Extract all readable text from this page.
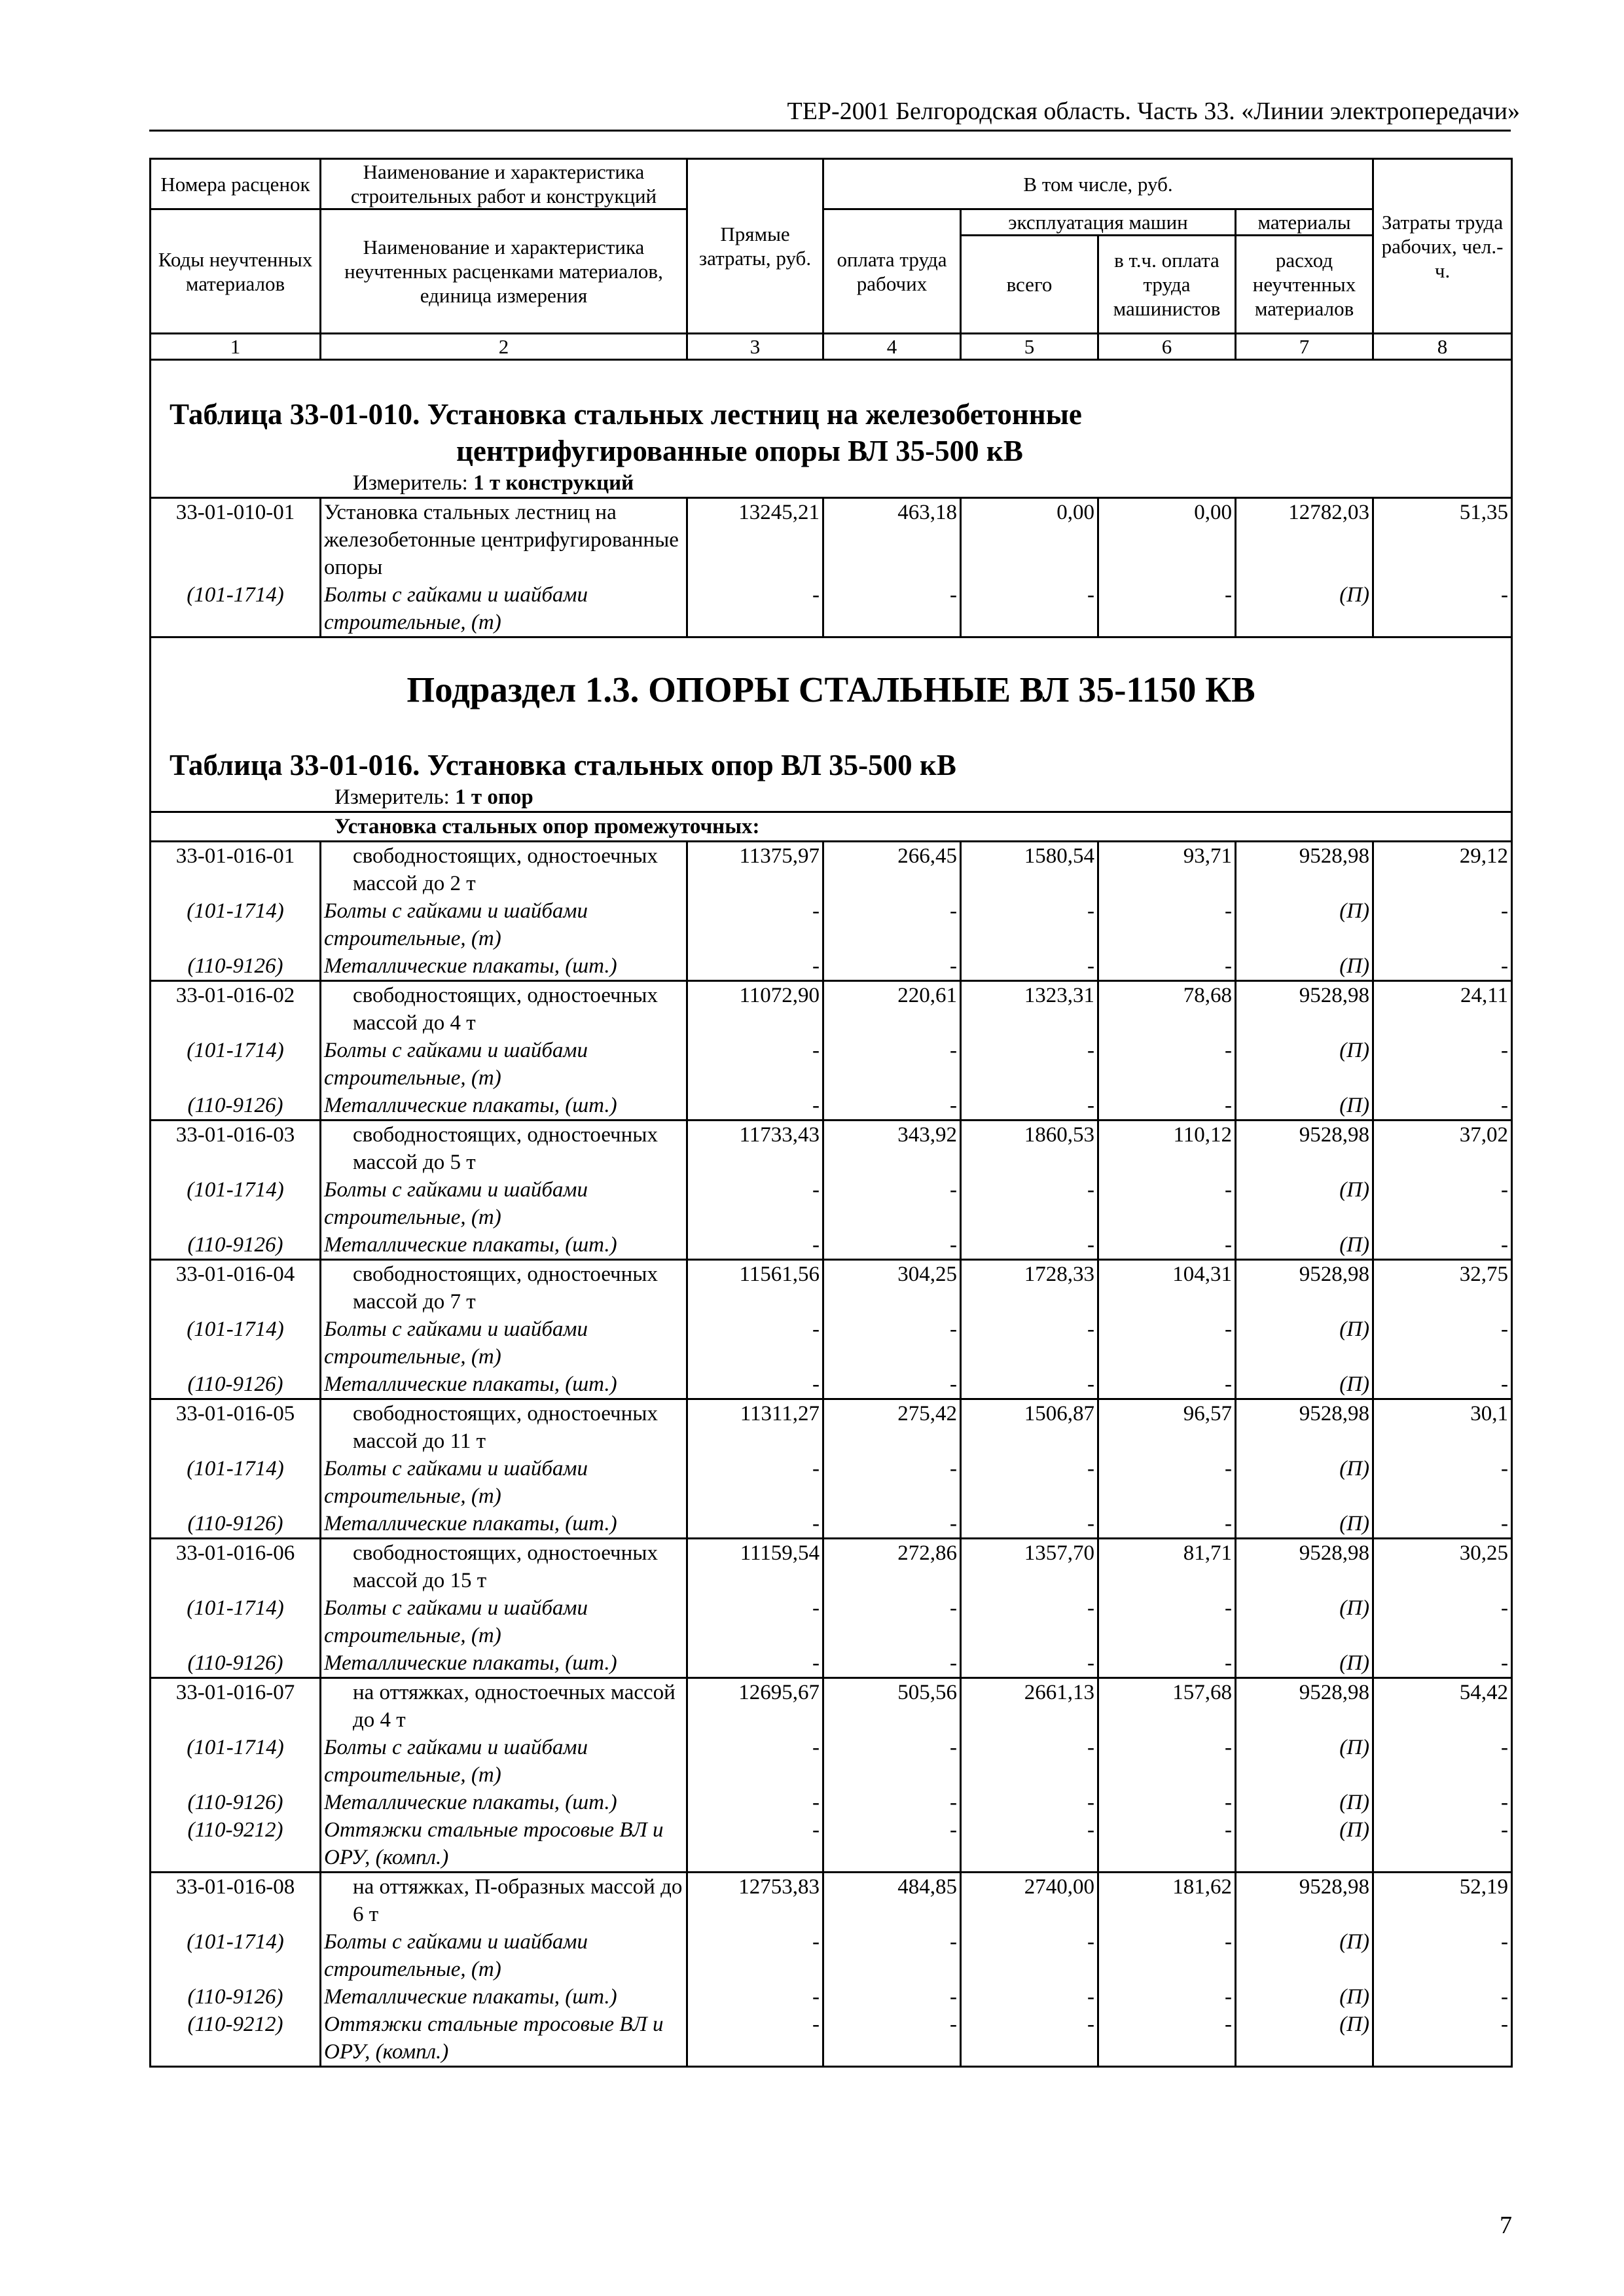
ТЕР-2001 Белгородская область. Часть 33. «Линии электропередачи»
Номера расценок	Наименование и характеристика строительных работ и конструкций	Прямые затраты, руб.	В том числе, руб.				Затраты труда рабочих, чел.-ч.
Коды неучтенных материалов	Наименование и характеристика неучтенных расценками материалов, единица измерения		оплата труда рабочих	эксплуатация машин		материалы	
				всего	в т.ч. оплата труда машинистов	расход неучтенных материалов	
1	2	3	4	5	6	7	8

Таблица 33-01-010. Установка стальных лестниц на железобетонные
центрифугированные опоры ВЛ 35-500 кВ
Измеритель: 1 т конструкций							

33-01-010-01	Установка стальных лестниц на железобетонные центрифугированные опоры	13245,21	463,18	0,00	0,00	12782,03	51,35
(101-1714)	Болты с гайками и шайбами строительные, (т)	-	-	-	-	(П)	-

Подраздел 1.3. ОПОРЫ СТАЛЬНЫЕ ВЛ 35-1150 КВ
Таблица 33-01-016. Установка стальных опор ВЛ 35-500 кВ
Измеритель: 1 т опор							

Установка стальных опор промежуточных:							
33-01-016-01	свободностоящих, одностоечных массой до 2 т	11375,97	266,45	1580,54	93,71	9528,98	29,12
(101-1714)	Болты с гайками и шайбами строительные, (т)	-	-	-	-	(П)	-
(110-9126)	Металлические плакаты, (шт.)	-	-	-	-	(П)	-
33-01-016-02	свободностоящих, одностоечных массой до 4 т	11072,90	220,61	1323,31	78,68	9528,98	24,11
(101-1714)	Болты с гайками и шайбами строительные, (т)	-	-	-	-	(П)	-
(110-9126)	Металлические плакаты, (шт.)	-	-	-	-	(П)	-
33-01-016-03	свободностоящих, одностоечных массой до 5 т	11733,43	343,92	1860,53	110,12	9528,98	37,02
(101-1714)	Болты с гайками и шайбами строительные, (т)	-	-	-	-	(П)	-
(110-9126)	Металлические плакаты, (шт.)	-	-	-	-	(П)	-
33-01-016-04	свободностоящих, одностоечных массой до 7 т	11561,56	304,25	1728,33	104,31	9528,98	32,75
(101-1714)	Болты с гайками и шайбами строительные, (т)	-	-	-	-	(П)	-
(110-9126)	Металлические плакаты, (шт.)	-	-	-	-	(П)	-
33-01-016-05	свободностоящих, одностоечных массой до 11 т	11311,27	275,42	1506,87	96,57	9528,98	30,1
(101-1714)	Болты с гайками и шайбами строительные, (т)	-	-	-	-	(П)	-
(110-9126)	Металлические плакаты, (шт.)	-	-	-	-	(П)	-
33-01-016-06	свободностоящих, одностоечных массой до 15 т	11159,54	272,86	1357,70	81,71	9528,98	30,25
(101-1714)	Болты с гайками и шайбами строительные, (т)	-	-	-	-	(П)	-
(110-9126)	Металлические плакаты, (шт.)	-	-	-	-	(П)	-
33-01-016-07	на оттяжках, одностоечных массой до 4 т	12695,67	505,56	2661,13	157,68	9528,98	54,42
(101-1714)	Болты с гайками и шайбами строительные, (т)	-	-	-	-	(П)	-
(110-9126)	Металлические плакаты, (шт.)	-	-	-	-	(П)	-
(110-9212)	Оттяжки стальные тросовые ВЛ и ОРУ, (компл.)	-	-	-	-	(П)	-
33-01-016-08	на оттяжках, П-образных массой до 6 т	12753,83	484,85	2740,00	181,62	9528,98	52,19
(101-1714)	Болты с гайками и шайбами строительные, (т)	-	-	-	-	(П)	-
(110-9126)	Металлические плакаты, (шт.)	-	-	-	-	(П)	-
(110-9212)	Оттяжки стальные тросовые ВЛ и ОРУ, (компл.)	-	-	-	-	(П)	-
7
